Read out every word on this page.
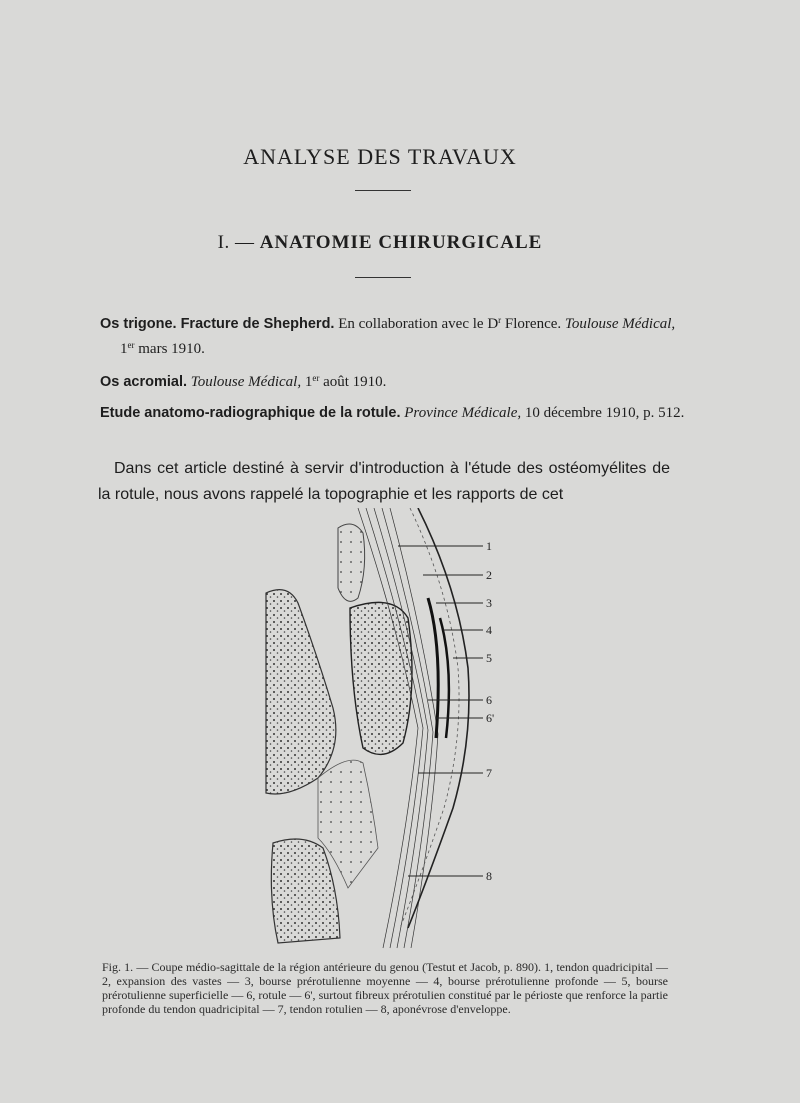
ANALYSE DES TRAVAUX
I. — ANATOMIE CHIRURGICALE
Os trigone. Fracture de Shepherd. En collaboration avec le $D^r$ Florence. Toulouse Médical, 1er mars 1910.
Os acromial. Toulouse Médical, 1er août 1910.
Etude anatomo-radiographique de la rotule. Province Médicale, 10 décembre 1910, p. 512.
Dans cet article destiné à servir d'introduction à l'étude des ostéomyélites de la rotule, nous avons rappelé la topographie et les rapports de cet
1
2
3
4
5
6
6'
7
8
Fig. 1. — Coupe médio-sagittale de la région antérieure du genou (Testut et Jacob, p. 890). 1, tendon quadricipital — 2, expansion des vastes — 3, bourse prérotulienne moyenne — 4, bourse prérotulienne profonde — 5, bourse prérotulienne superficielle — 6, rotule — 6', surtout fibreux prérotulien constitué par le périoste que renforce la partie profonde du tendon quadricipital — 7, tendon rotulien — 8, aponévrose d'enveloppe.
